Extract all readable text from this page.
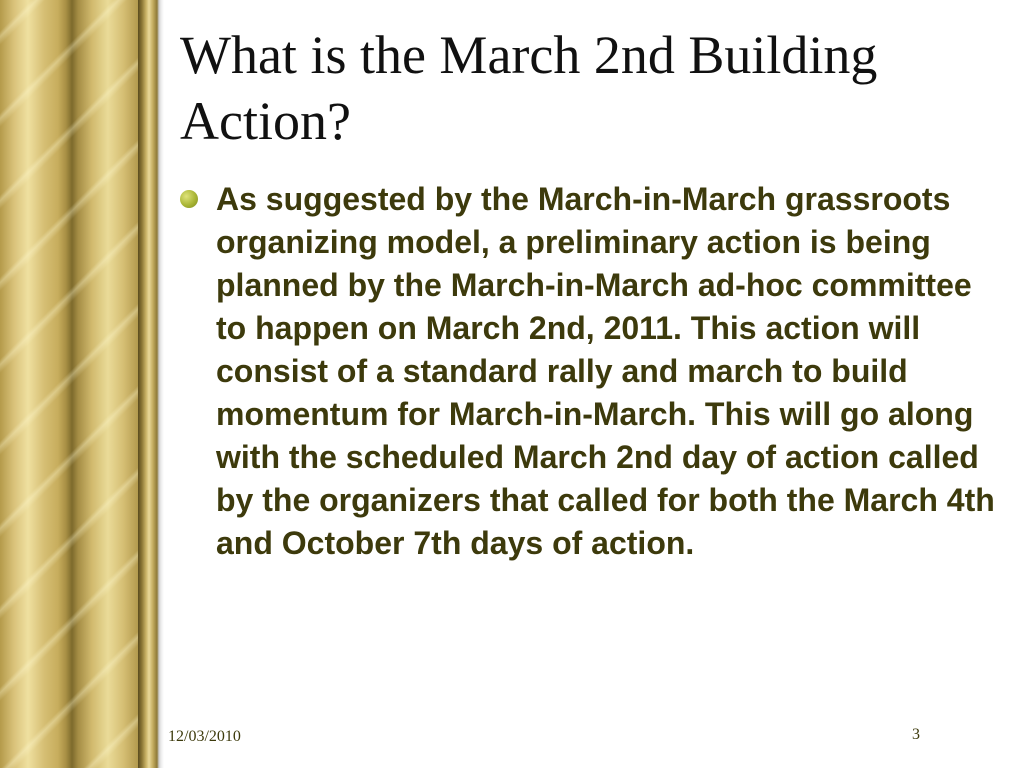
What is the March 2nd Building Action?

As suggested by the March-in-March grassroots organizing model, a preliminary action is being planned by the March-in-March ad-hoc committee to happen on March 2nd, 2011. This action will consist of a standard rally and march to build momentum for March-in-March. This will go along with the scheduled March 2nd day of action called by the organizers that called for both the March 4th and October 7th days of action.

12/03/2010	3
